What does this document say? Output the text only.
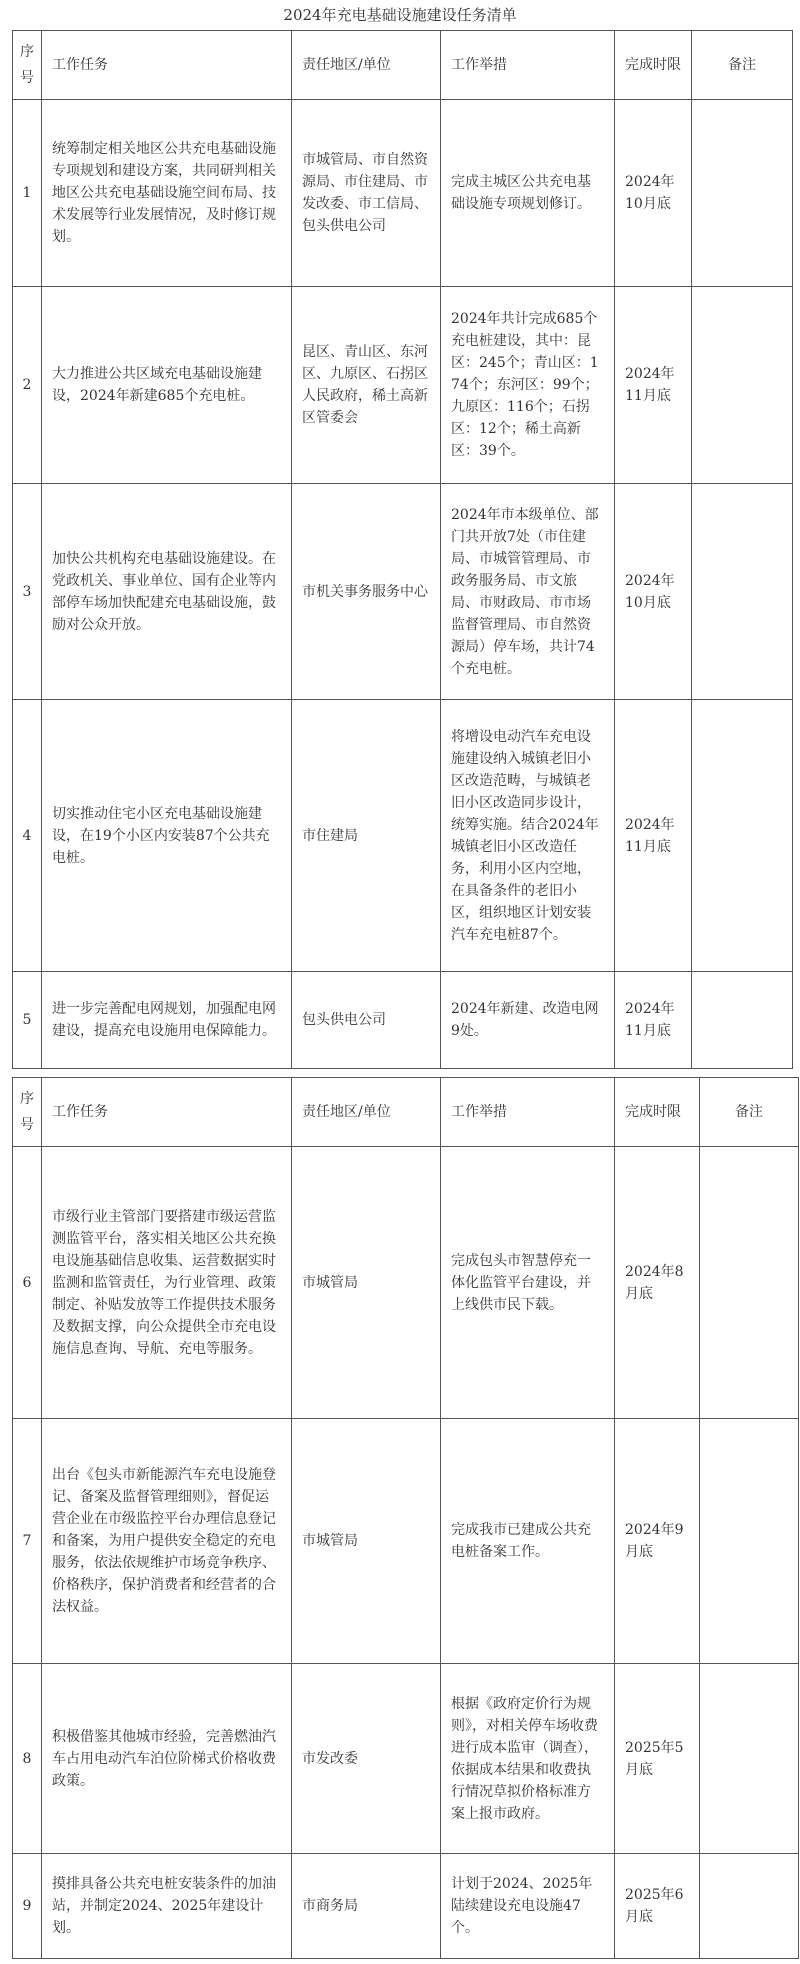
2024年充电基础设施建设任务清单
序号	工作任务	责任地区/单位	工作举措	完成时限	备注
1	统筹制定相关地区公共充电基础设施专项规划和建设方案，共同研判相关地区公共充电基础设施空间布局、技术发展等行业发展情况，及时修订规划。	市城管局、市自然资源局、市住建局、市发改委、市工信局、包头供电公司	完成主城区公共充电基础设施专项规划修订。	2024年10月底	
2	大力推进公共区域充电基础设施建设，2024年新建685个充电桩。	昆区、青山区、东河区、九原区、石拐区人民政府，稀土高新区管委会	2024年共计完成685个充电桩建设，其中：昆区：245个；青山区：174个；东河区：99个；九原区：116个；石拐区：12个；稀土高新区：39个。	2024年11月底	
3	加快公共机构充电基础设施建设。在党政机关、事业单位、国有企业等内部停车场加快配建充电基础设施，鼓励对公众开放。	市机关事务服务中心	2024年市本级单位、部门共开放7处（市住建局、市城管管理局、市政务服务局、市文旅局、市财政局、市市场监督管理局、市自然资源局）停车场，共计74个充电桩。	2024年10月底	
4	切实推动住宅小区充电基础设施建设，在19个小区内安装87个公共充电桩。	市住建局	将增设电动汽车充电设施建设纳入城镇老旧小区改造范畴，与城镇老旧小区改造同步设计，统筹实施。结合2024年城镇老旧小区改造任务，利用小区内空地，在具备条件的老旧小区，组织地区计划安装汽车充电桩87个。	2024年11月底	
5	进一步完善配电网规划，加强配电网建设，提高充电设施用电保障能力。	包头供电公司	2024年新建、改造电网9处。	2024年11月底	
序号	工作任务	责任地区/单位	工作举措	完成时限	备注
6	市级行业主管部门要搭建市级运营监测监管平台，落实相关地区公共充换电设施基础信息收集、运营数据实时监测和监管责任，为行业管理、政策制定、补贴发放等工作提供技术服务及数据支撑，向公众提供全市充电设施信息查询、导航、充电等服务。	市城管局	完成包头市智慧停充一体化监管平台建设，并上线供市民下载。	2024年8月底	
7	出台《包头市新能源汽车充电设施登记、备案及监督管理细则》，督促运营企业在市级监控平台办理信息登记和备案，为用户提供安全稳定的充电服务，依法依规维护市场竞争秩序、价格秩序，保护消费者和经营者的合法权益。	市城管局	完成我市已建成公共充电桩备案工作。	2024年9月底	
8	积极借鉴其他城市经验，完善燃油汽车占用电动汽车泊位阶梯式价格收费政策。	市发改委	根据《政府定价行为规则》，对相关停车场收费进行成本监审（调查），依据成本结果和收费执行情况草拟价格标准方案上报市政府。	2025年5月底	
9	摸排具备公共充电桩安装条件的加油站，并制定2024、2025年建设计划。	市商务局	计划于2024、2025年陆续建设充电设施47个。	2025年6月底	
